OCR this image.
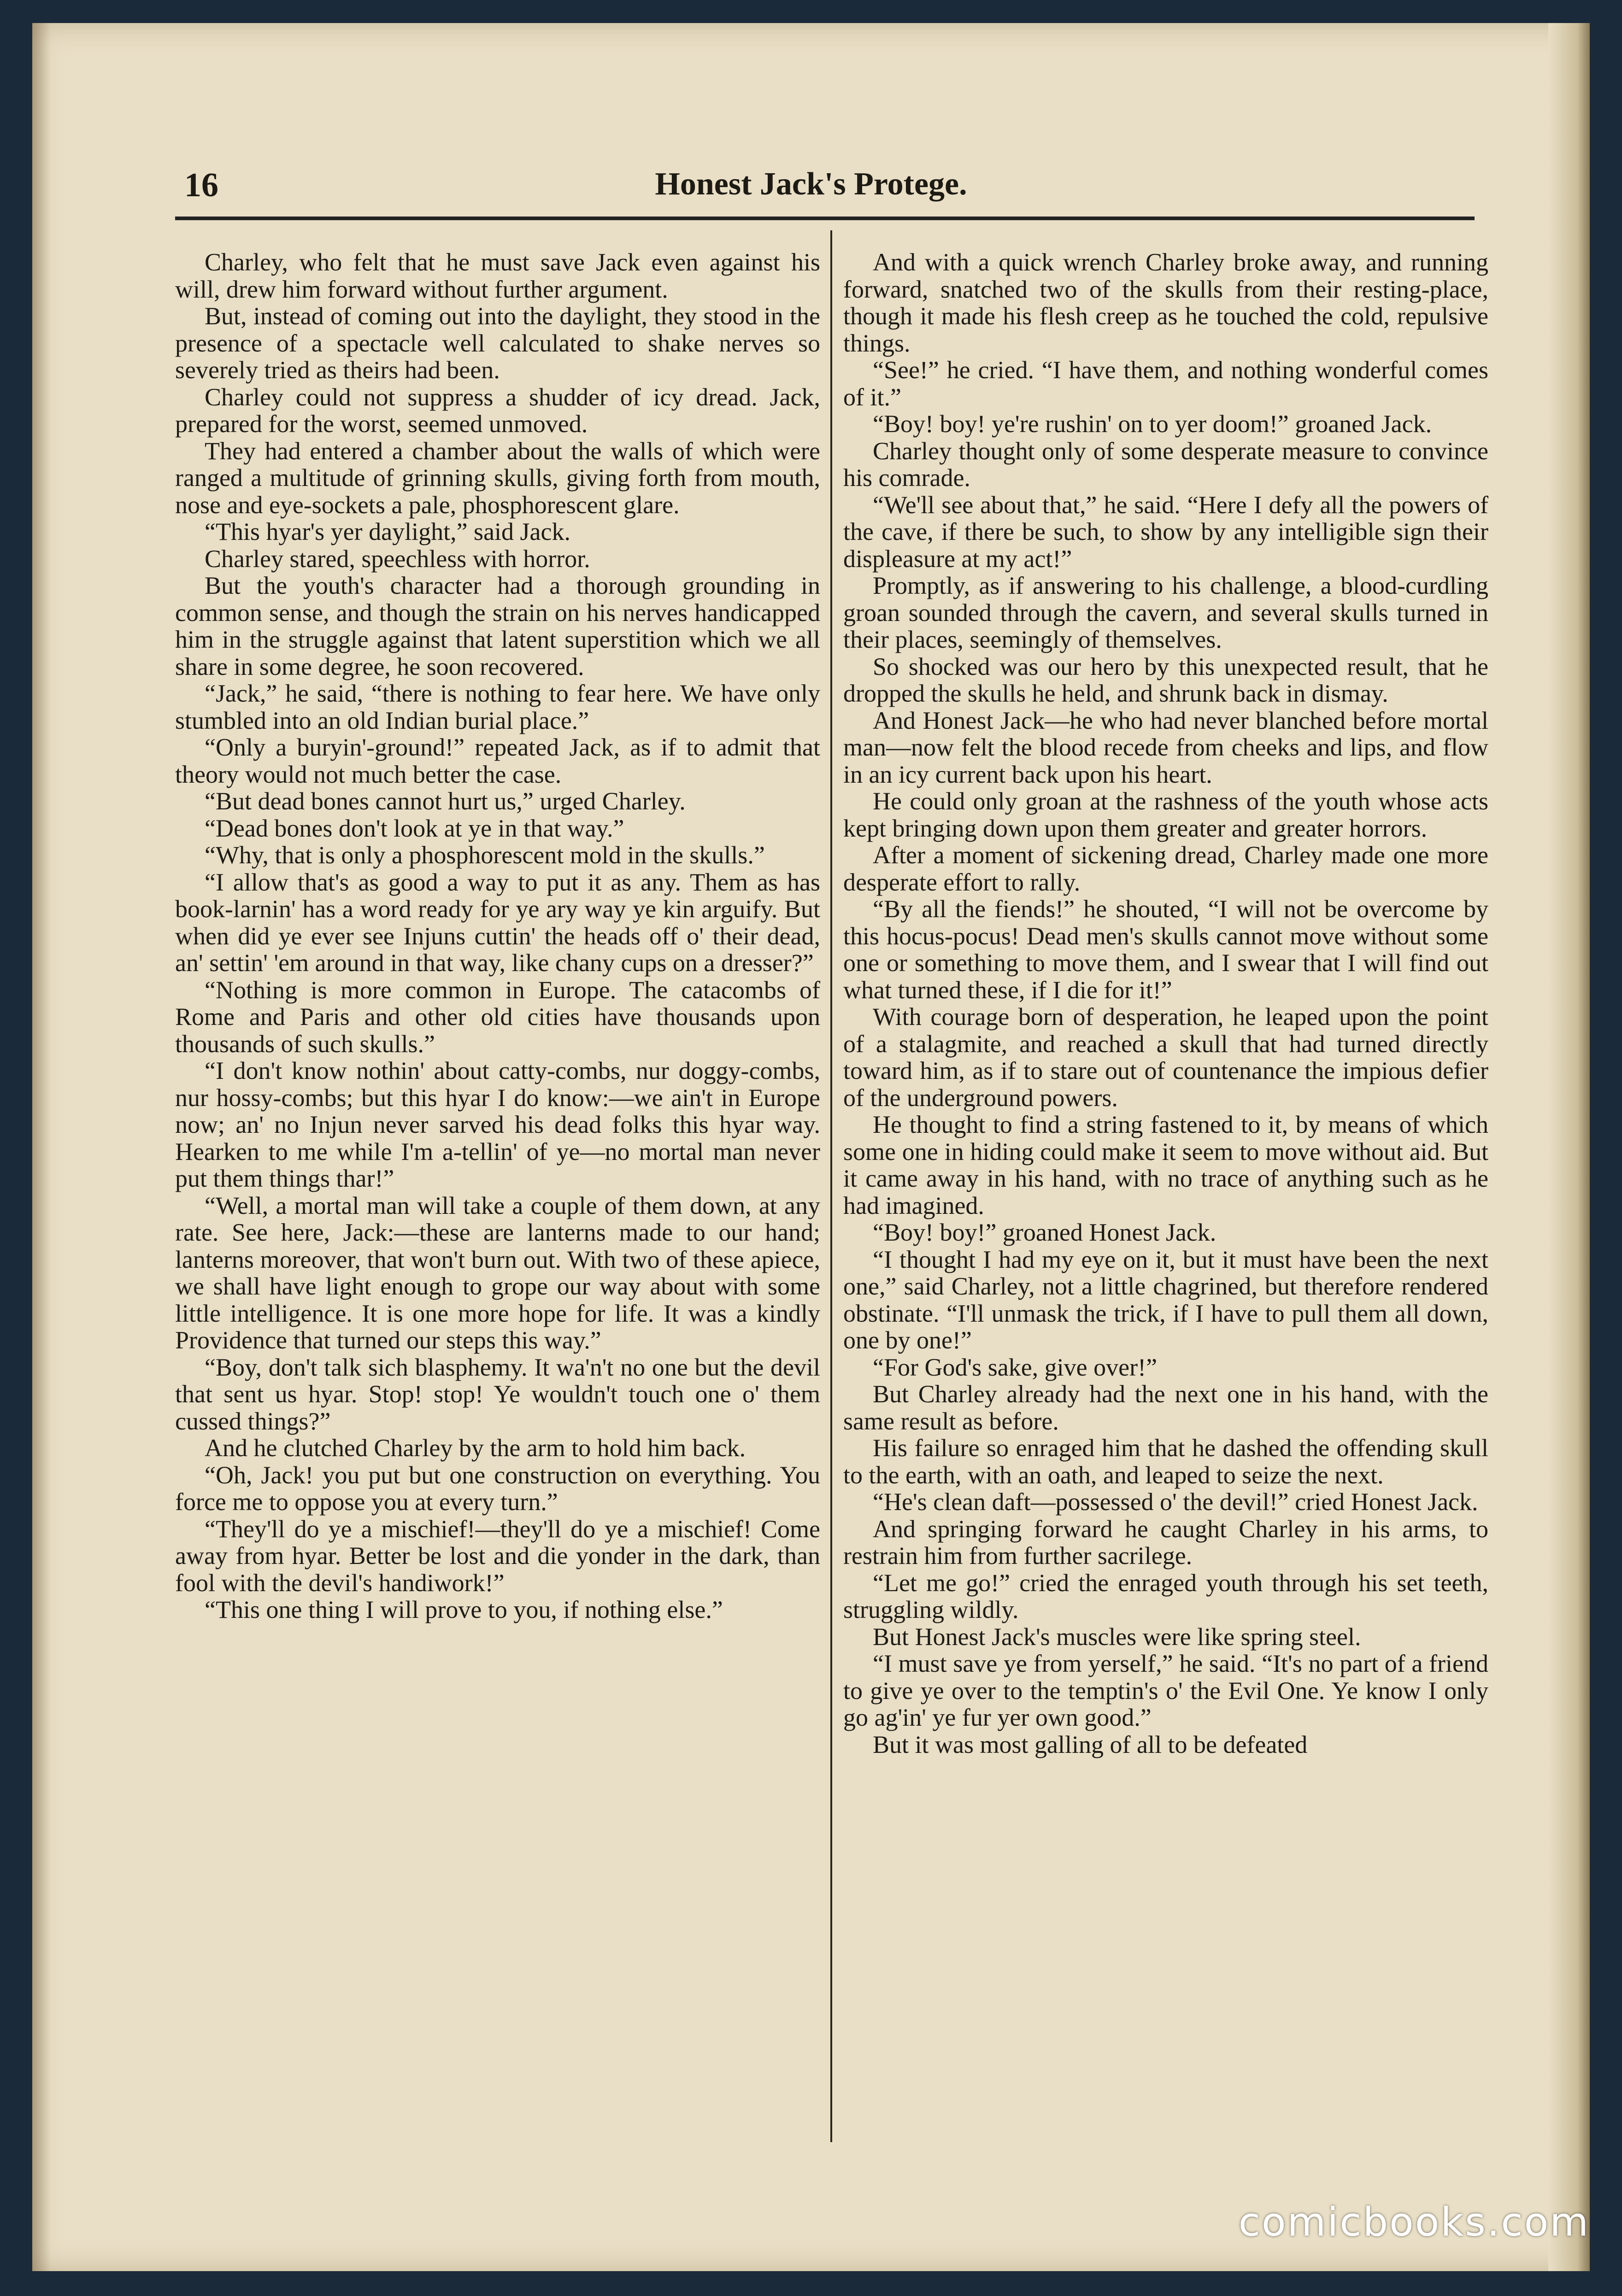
16	Honest Jack's Protege.

Charley, who felt that he must save Jack even against his will, drew him forward without further argument.

But, instead of coming out into the daylight, they stood in the presence of a spectacle well calculated to shake nerves so severely tried as theirs had been.

Charley could not suppress a shudder of icy dread. Jack, prepared for the worst, seemed unmoved.

They had entered a chamber about the walls of which were ranged a multitude of grinning skulls, giving forth from mouth, nose and eye-sockets a pale, phosphorescent glare.

“This hyar's yer daylight,” said Jack.

Charley stared, speechless with horror.

But the youth's character had a thorough grounding in common sense, and though the strain on his nerves handicapped him in the struggle against that latent superstition which we all share in some degree, he soon recovered.

“Jack,” he said, “there is nothing to fear here. We have only stumbled into an old Indian burial place.”

“Only a buryin'-ground!” repeated Jack, as if to admit that theory would not much better the case.

“But dead bones cannot hurt us,” urged Charley.

“Dead bones don't look at ye in that way.”

“Why, that is only a phosphorescent mold in the skulls.”

“I allow that's as good a way to put it as any. Them as has book-larnin' has a word ready for ye ary way ye kin arguify. But when did ye ever see Injuns cuttin' the heads off o' their dead, an' settin' 'em around in that way, like chany cups on a dresser?”

“Nothing is more common in Europe. The catacombs of Rome and Paris and other old cities have thousands upon thousands of such skulls.”

“I don't know nothin' about catty-combs, nur doggy-combs, nur hossy-combs; but this hyar I do know:—we ain't in Europe now; an' no Injun never sarved his dead folks this hyar way. Hearken to me while I'm a-tellin' of ye—no mortal man never put them things thar!”

“Well, a mortal man will take a couple of them down, at any rate. See here, Jack:—these are lanterns made to our hand; lanterns moreover, that won't burn out. With two of these apiece, we shall have light enough to grope our way about with some little intelligence. It is one more hope for life. It was a kindly Providence that turned our steps this way.”

“Boy, don't talk sich blasphemy. It wa'n't no one but the devil that sent us hyar. Stop! stop! Ye wouldn't touch one o' them cussed things?”

And he clutched Charley by the arm to hold him back.

“Oh, Jack! you put but one construction on everything. You force me to oppose you at every turn.”

“They'll do ye a mischief!—they'll do ye a mischief! Come away from hyar. Better be lost and die yonder in the dark, than fool with the devil's handiwork!”

“This one thing I will prove to you, if nothing else.”

And with a quick wrench Charley broke away, and running forward, snatched two of the skulls from their resting-place, though it made his flesh creep as he touched the cold, repulsive things.

“See!” he cried. “I have them, and nothing wonderful comes of it.”

“Boy! boy! ye're rushin' on to yer doom!” groaned Jack.

Charley thought only of some desperate measure to convince his comrade.

“We'll see about that,” he said. “Here I defy all the powers of the cave, if there be such, to show by any intelligible sign their displeasure at my act!”

Promptly, as if answering to his challenge, a blood-curdling groan sounded through the cavern, and several skulls turned in their places, seemingly of themselves.

So shocked was our hero by this unexpected result, that he dropped the skulls he held, and shrunk back in dismay.

And Honest Jack—he who had never blanched before mortal man—now felt the blood recede from cheeks and lips, and flow in an icy current back upon his heart.

He could only groan at the rashness of the youth whose acts kept bringing down upon them greater and greater horrors.

After a moment of sickening dread, Charley made one more desperate effort to rally.

“By all the fiends!” he shouted, “I will not be overcome by this hocus-pocus! Dead men's skulls cannot move without some one or something to move them, and I swear that I will find out what turned these, if I die for it!”

With courage born of desperation, he leaped upon the point of a stalagmite, and reached a skull that had turned directly toward him, as if to stare out of countenance the impious defier of the underground powers.

He thought to find a string fastened to it, by means of which some one in hiding could make it seem to move without aid. But it came away in his hand, with no trace of anything such as he had imagined.

“Boy! boy!” groaned Honest Jack.

“I thought I had my eye on it, but it must have been the next one,” said Charley, not a little chagrined, but therefore rendered obstinate. “I'll unmask the trick, if I have to pull them all down, one by one!”

“For God's sake, give over!”

But Charley already had the next one in his hand, with the same result as before.

His failure so enraged him that he dashed the offending skull to the earth, with an oath, and leaped to seize the next.

“He's clean daft—possessed o' the devil!” cried Honest Jack.

And springing forward he caught Charley in his arms, to restrain him from further sacrilege.

“Let me go!” cried the enraged youth through his set teeth, struggling wildly.

But Honest Jack's muscles were like spring steel.

“I must save ye from yerself,” he said. “It's no part of a friend to give ye over to the temptin's o' the Evil One. Ye know I only go ag'in' ye fur yer own good.”

But it was most galling of all to be defeated

comicbooks.com
